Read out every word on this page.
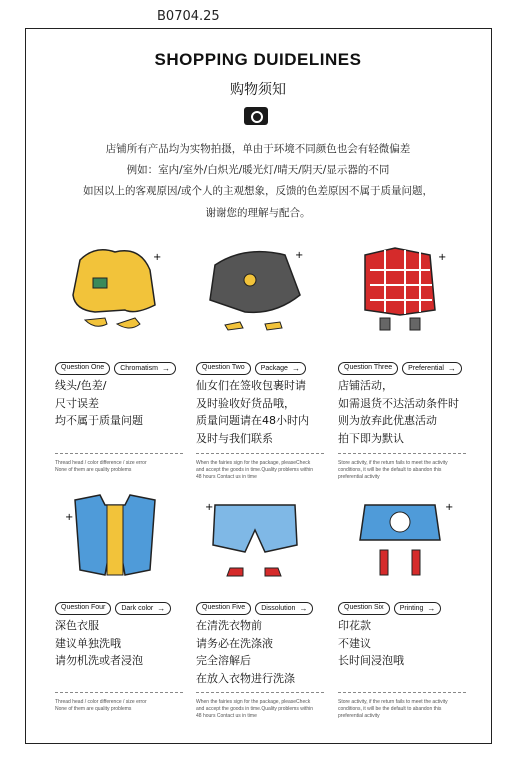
B0704.25
SHOPPING DUIDELINES
购物须知
店铺所有产品均为实物拍摄，单由于环境不同颜色也会有轻微偏差
例如：室内/室外/白炽光/暖光灯/晴天/阴天/显示器的不同
如因以上的客观原因/或个人的主观想象，反馈的色差原因不属于质量问题，
谢谢您的理解与配合。
+	+	+
Question One	Chromatism →	Question Two	Package →	Question Three	Preferential →
线头/色差/
尺寸误差
均不属于质量问题
仙女们在签收包裹时请
及时验收好货品哦，
质量问题请在48小时内
及时与我们联系
店铺活动，
如需退货不达活动条件时
则为放弃此优惠活动
拍下即为默认
Thread head / color difference / size error
None of them are quality problems
When the fairies sign for the package, pleaseCheck
and accept the goods in time.Quality problems within
48 hours Contact us in time
Store activity, if the return fails to meet the activity
conditions, it will be the default to abandon this
preferential activity
+
+	+
Question Four	Dark color →	Question Five	Dissolution →	Question Six	Printing →
深色衣服
建议单独洗哦
请勿机洗或者浸泡
在清洗衣物前
请务必在洗涤液
完全溶解后
在放入衣物进行洗涤
印花款
不建议
长时间浸泡哦
Thread head / color difference / size error
None of them are quality problems
When the fairies sign for the package, pleaseCheck
and accept the goods in time.Quality problems within
48 hours Contact us in time
Store activity, if the return fails to meet the activity
conditions, it will be the default to abandon this
preferential activity
